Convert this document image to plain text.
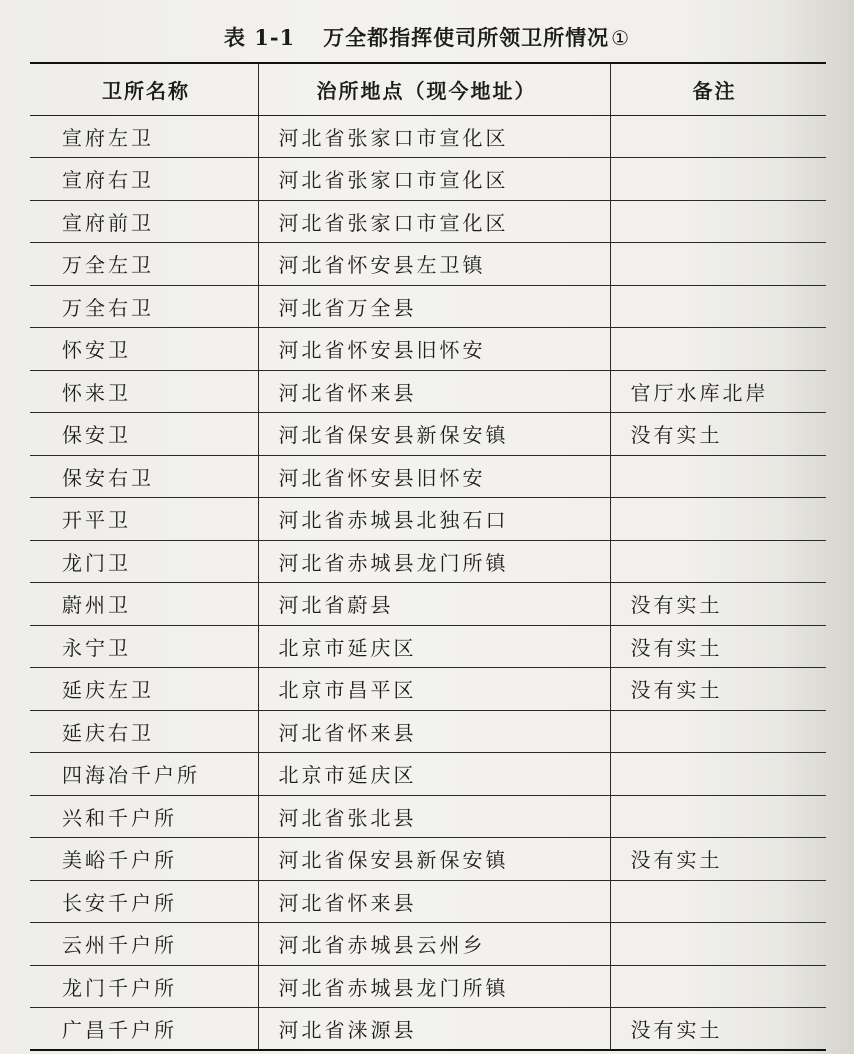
表 1-1 万全都指挥使司所领卫所情况 ①
卫所名称	治所地点（现今地址）	备注
宣府左卫	河北省张家口市宣化区	
宣府右卫	河北省张家口市宣化区	
宣府前卫	河北省张家口市宣化区	
万全左卫	河北省怀安县左卫镇	
万全右卫	河北省万全县	
怀安卫	河北省怀安县旧怀安	
怀来卫	河北省怀来县	官厅水库北岸
保安卫	河北省保安县新保安镇	没有实土
保安右卫	河北省怀安县旧怀安	
开平卫	河北省赤城县北独石口	
龙门卫	河北省赤城县龙门所镇	
蔚州卫	河北省蔚县	没有实土
永宁卫	北京市延庆区	没有实土
延庆左卫	北京市昌平区	没有实土
延庆右卫	河北省怀来县	
四海冶千户所	北京市延庆区	
兴和千户所	河北省张北县	
美峪千户所	河北省保安县新保安镇	没有实土
长安千户所	河北省怀来县	
云州千户所	河北省赤城县云州乡	
龙门千户所	河北省赤城县龙门所镇	
广昌千户所	河北省涞源县	没有实土
